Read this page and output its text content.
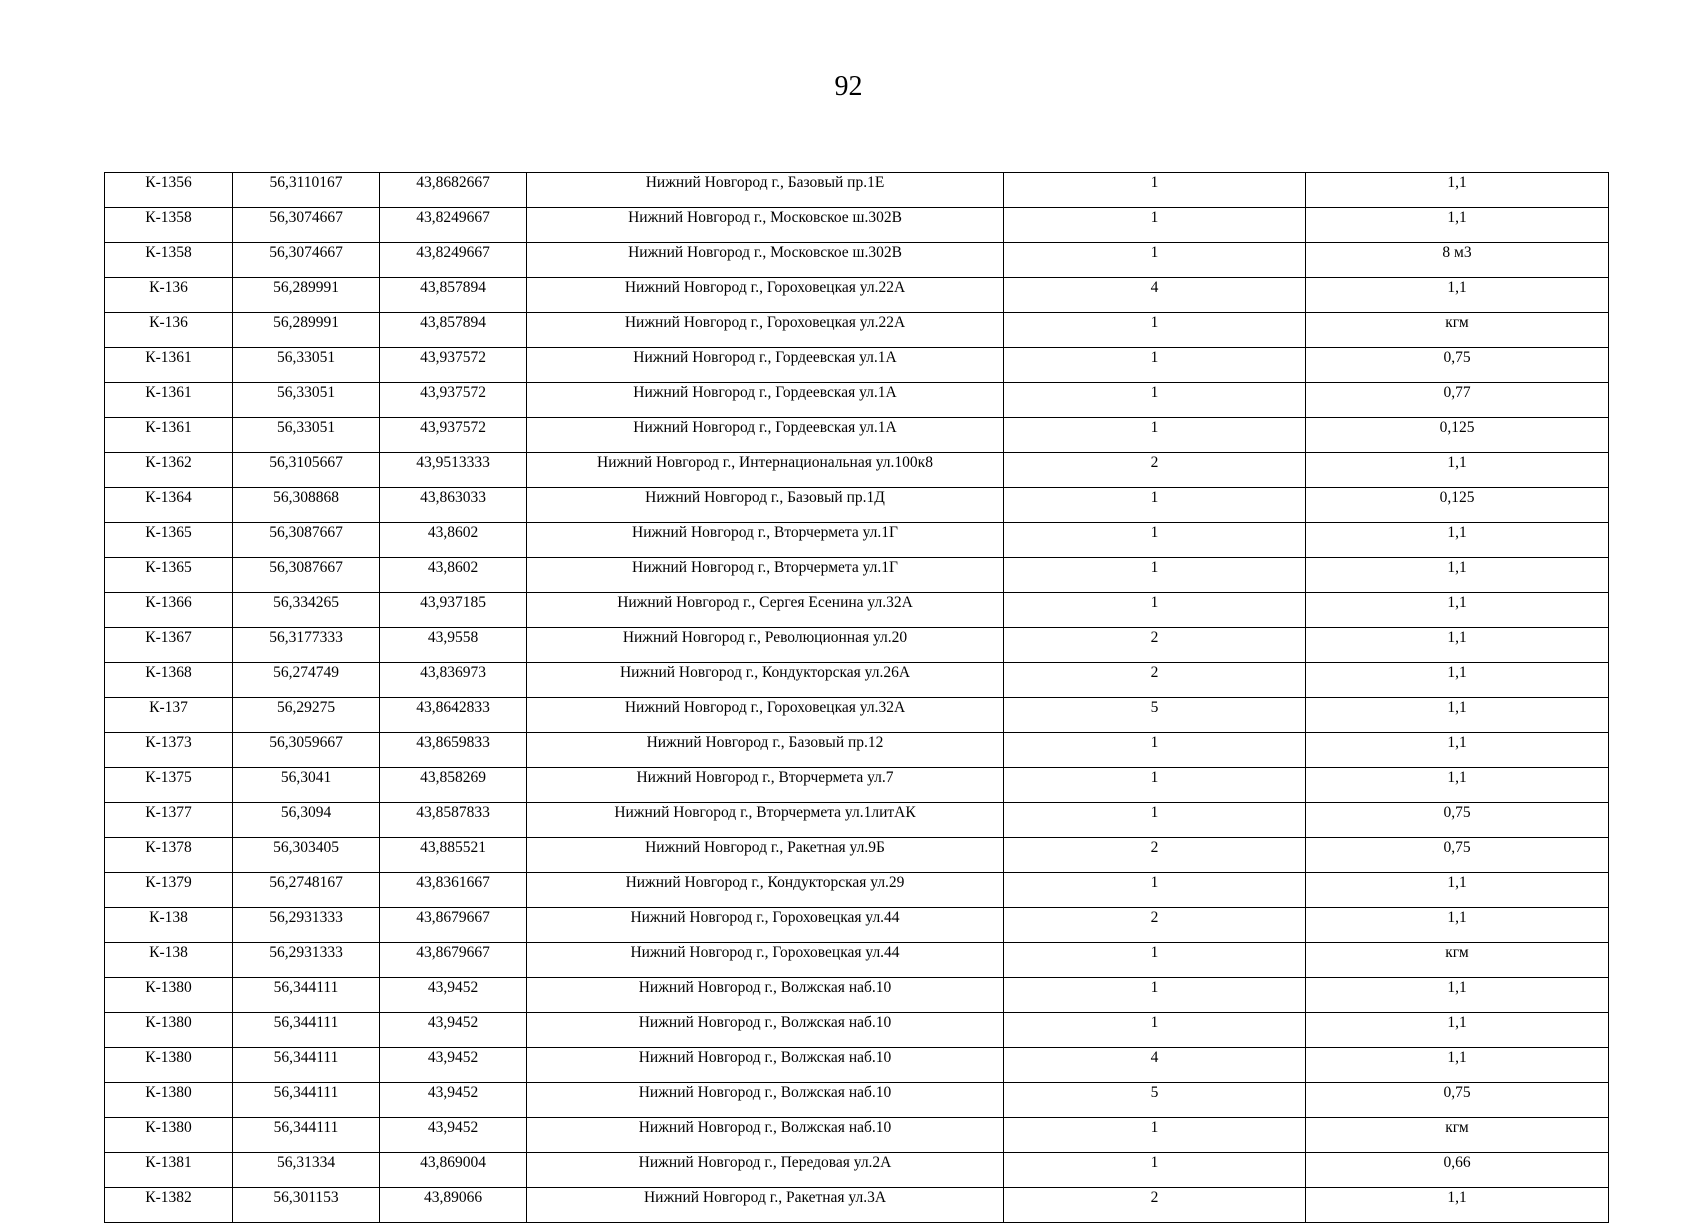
92
К-1356	56,3110167	43,8682667	Нижний Новгород г., Базовый пр.1Е	1	1,1
К-1358	56,3074667	43,8249667	Нижний Новгород г., Московское ш.302В	1	1,1
К-1358	56,3074667	43,8249667	Нижний Новгород г., Московское ш.302В	1	8 м3
К-136	56,289991	43,857894	Нижний Новгород г., Гороховецкая ул.22А	4	1,1
К-136	56,289991	43,857894	Нижний Новгород г., Гороховецкая ул.22А	1	кгм
К-1361	56,33051	43,937572	Нижний Новгород г., Гордеевская ул.1А	1	0,75
К-1361	56,33051	43,937572	Нижний Новгород г., Гордеевская ул.1А	1	0,77
К-1361	56,33051	43,937572	Нижний Новгород г., Гордеевская ул.1А	1	0,125
К-1362	56,3105667	43,9513333	Нижний Новгород г., Интернациональная ул.100к8	2	1,1
К-1364	56,308868	43,863033	Нижний Новгород г., Базовый пр.1Д	1	0,125
К-1365	56,3087667	43,8602	Нижний Новгород г., Вторчермета ул.1Г	1	1,1
К-1365	56,3087667	43,8602	Нижний Новгород г., Вторчермета ул.1Г	1	1,1
К-1366	56,334265	43,937185	Нижний Новгород г., Сергея Есенина ул.32А	1	1,1
К-1367	56,3177333	43,9558	Нижний Новгород г., Революционная ул.20	2	1,1
К-1368	56,274749	43,836973	Нижний Новгород г., Кондукторская ул.26А	2	1,1
К-137	56,29275	43,8642833	Нижний Новгород г., Гороховецкая ул.32А	5	1,1
К-1373	56,3059667	43,8659833	Нижний Новгород г., Базовый пр.12	1	1,1
К-1375	56,3041	43,858269	Нижний Новгород г., Вторчермета ул.7	1	1,1
К-1377	56,3094	43,8587833	Нижний Новгород г., Вторчермета ул.1литАК	1	0,75
К-1378	56,303405	43,885521	Нижний Новгород г., Ракетная ул.9Б	2	0,75
К-1379	56,2748167	43,8361667	Нижний Новгород г., Кондукторская ул.29	1	1,1
К-138	56,2931333	43,8679667	Нижний Новгород г., Гороховецкая ул.44	2	1,1
К-138	56,2931333	43,8679667	Нижний Новгород г., Гороховецкая ул.44	1	кгм
К-1380	56,344111	43,9452	Нижний Новгород г., Волжская наб.10	1	1,1
К-1380	56,344111	43,9452	Нижний Новгород г., Волжская наб.10	1	1,1
К-1380	56,344111	43,9452	Нижний Новгород г., Волжская наб.10	4	1,1
К-1380	56,344111	43,9452	Нижний Новгород г., Волжская наб.10	5	0,75
К-1380	56,344111	43,9452	Нижний Новгород г., Волжская наб.10	1	кгм
К-1381	56,31334	43,869004	Нижний Новгород г., Передовая ул.2А	1	0,66
К-1382	56,301153	43,89066	Нижний Новгород г., Ракетная ул.3А	2	1,1
